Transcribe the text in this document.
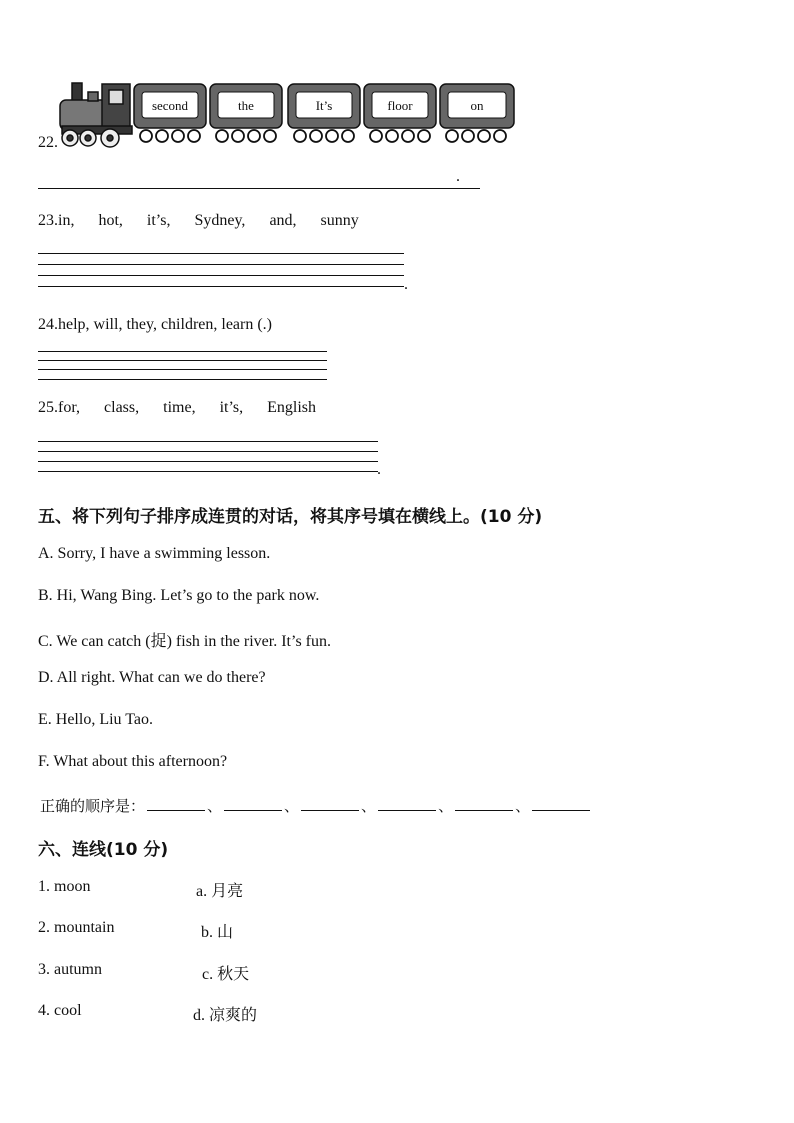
second	the	It’s	floor	on
22.
.
23.in, hot, it’s, Sydney, and, sunny
.
24.help, will, they, children, learn (.)
25.for, class, time, it’s, English
.
五、将下列句子排序成连贯的对话，将其序号填在横线上。(10 分)
A. Sorry, I have a swimming lesson.
B. Hi, Wang Bing. Let’s go to the park now.
C. We can catch (捉) fish in the river. It’s fun.
D. All right. What can we do there?
E. Hello, Liu Tao.
F. What about this afternoon?
正确的顺序是：	、	、	、	、	、
六、连线(10 分)
1. moon
2. mountain
3. autumn
4. cool
a. 月亮
b. 山
c. 秋天
d. 凉爽的
